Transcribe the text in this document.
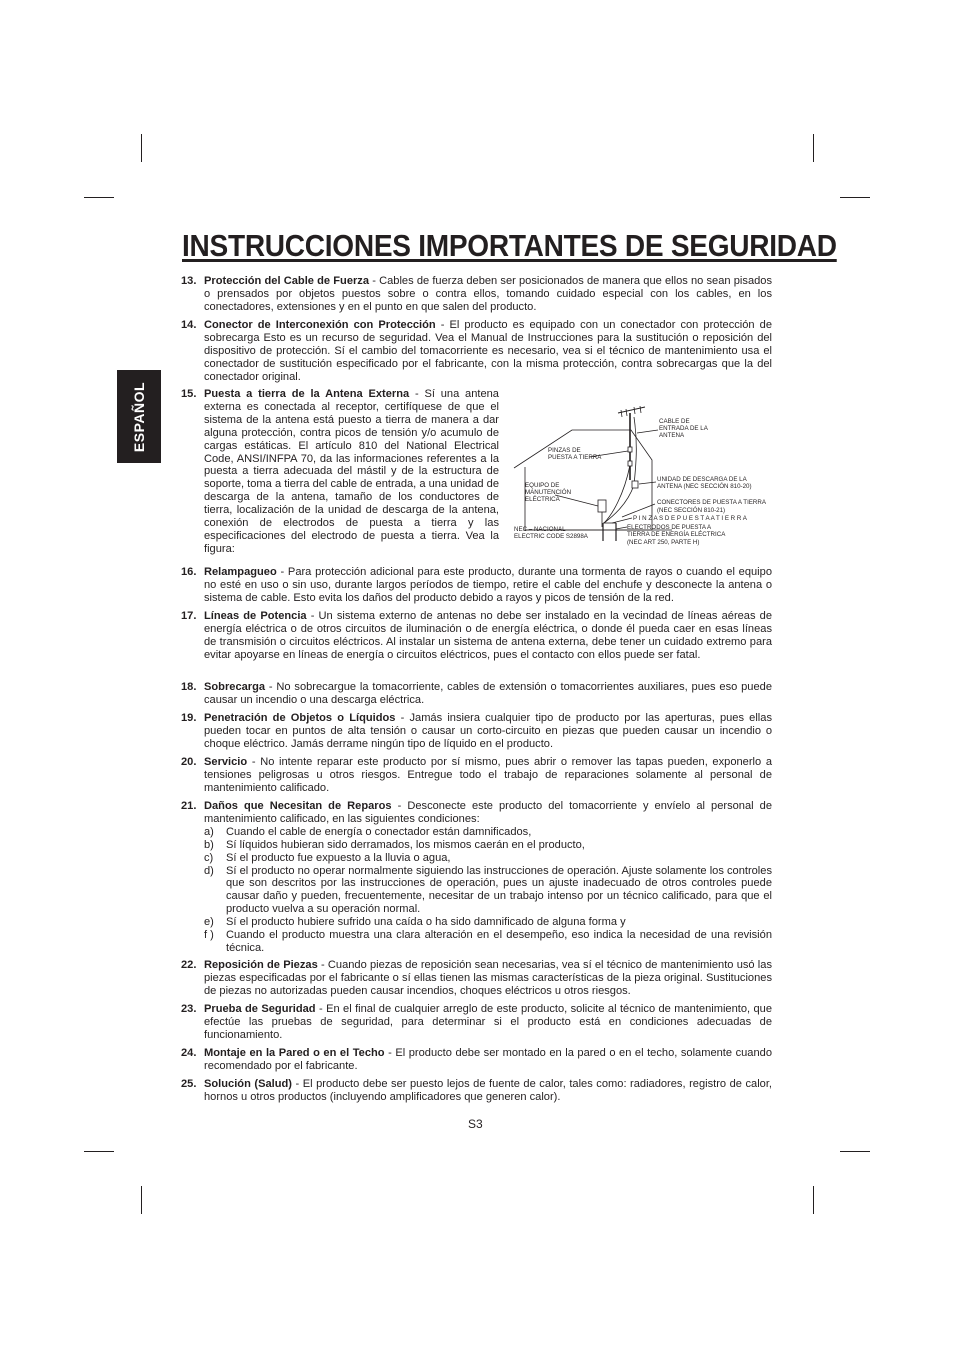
INSTRUCCIONES IMPORTANTES DE SEGURIDAD
ESPAÑOL
13. Protección del Cable de Fuerza - Cables de fuerza deben ser posicionados de manera que ellos no sean pisados o prensados por objetos puestos sobre o contra ellos, tomando cuidado especial con los cables, en los conectadores, extensiones y en el punto en que salen del producto.
14. Conector de Interconexión con Protección - El producto es equipado con un conectador con protección de sobrecarga Esto es un recurso de seguridad. Vea el Manual de Instrucciones para la sustitución o reposición del dispositivo de protección. Sí el cambio del tomacorriente es necesario, vea si el técnico de mantenimiento usa el conectador de sustitución especificado por el fabricante, con la misma protección, contra sobrecargas que la del conectador original.
15. Puesta a tierra de la Antena Externa - Sí una antena externa es conectada al receptor, certifíquese de que el sistema de la antena está puesto a tierra de manera a dar alguna protección, contra picos de tensión y/o acumulo de cargas estáticas. El artículo 810 del National Electrical Code, ANSI/INFPA 70, da las informaciones referentes a la puesta a tierra adecuada del mástil y de la estructura de soporte, toma a tierra del cable de entrada, a una unidad de descarga de la antena, tamaño de los conductores de tierra, localización de la unidad de descarga de la antena, conexión de electrodos de puesta a tierra y las especificaciones del electrodo de puesta a tierra. Vea la figura:
CABLE DE
ENTRADA DE LA
ANTENA
PINZAS DE
PUESTA A TIERRA
UNIDAD DE DESCARGA DE LA
ANTENA (NEC SECCIÓN 810-20)
EQUIPO DE
MANUTENCIÓN
ELÉCTRICA	CONECTORES DE PUESTA A TIERRA
(NEC SECCIÓN 810-21)
P I N Z A S D E P U E S T A A T I E R R A
NEC – NACIONAL
ELECTRIC CODE S2898A
ELECTRODOS DE PUESTA A
TIERRA DE ENERGÍA ELÉCTRICA
(NEC ART 250, PARTE H)
16. Relampagueo - Para protección adicional para este producto, durante una tormenta de rayos o cuando el equipo no esté en uso o sin uso, durante largos períodos de tiempo, retire el cable del enchufe y desconecte la antena o sistema de cable. Esto evita los daños del producto debido a rayos y picos de tensión de la red.
17. Líneas de Potencia - Un sistema externo de antenas no debe ser instalado en la vecindad de líneas aéreas de energía eléctrica o de otros circuitos de iluminación o de energía eléctrica, o donde él pueda caer en esas líneas de transmisión o circuitos eléctricos. Al instalar un sistema de antena externa, debe tener un cuidado extremo para evitar apoyarse en líneas de energía o circuitos eléctricos, pues el contacto con ellos puede ser fatal.
18. Sobrecarga - No sobrecargue la tomacorriente, cables de extensión o tomacorrientes auxiliares, pues eso puede causar un incendio o una descarga eléctrica.
19. Penetración de Objetos o Líquidos - Jamás insiera cualquier tipo de producto por las aperturas, pues ellas pueden tocar en puntos de alta tensión o causar un corto-circuito en piezas que pueden causar un incendio o choque eléctrico. Jamás derrame ningún tipo de líquido en el producto.
20. Servicio - No intente reparar este producto por sí mismo, pues abrir o remover las tapas pueden, exponerlo a tensiones peligrosas u otros riesgos. Entregue todo el trabajo de reparaciones solamente al personal de mantenimiento calificado.
21. Daños que Necesitan de Reparos - Desconecte este producto del tomacorriente y envíelo al personal de mantenimiento calificado, en las siguientes condiciones:
a) Cuando el cable de energía o conectador están damnificados,
b) Sí líquidos hubieran sido derramados, los mismos caerán en el producto,
c) Sí el producto fue expuesto a la lluvia o agua,
d) Sí el producto no operar normalmente siguiendo las instrucciones de operación. Ajuste solamente los controles que son descritos por las instrucciones de operación, pues un ajuste inadecuado de otros controles puede causar daño y pueden, frecuentemente, necesitar de un trabajo intenso por un técnico calificado, para que el producto vuelva a su operación normal.
e) Sí el producto hubiere sufrido una caída o ha sido damnificado de alguna forma y
f ) Cuando el producto muestra una clara alteración en el desempeño, eso indica la necesidad de una revisión técnica.
22. Reposición de Piezas - Cuando piezas de reposición sean necesarias, vea sí el técnico de mantenimiento usó las piezas especificadas por el fabricante o sí ellas tienen las mismas características de la pieza original. Sustituciones de piezas no autorizadas pueden causar incendios, choques eléctricos u otros riesgos.
23. Prueba de Seguridad - En el final de cualquier arreglo de este producto, solicite al técnico de mantenimiento, que efectúe las pruebas de seguridad, para determinar si el producto está en condiciones adecuadas de funcionamiento.
24. Montaje en la Pared o en el Techo - El producto debe ser montado en la pared o en el techo, solamente cuando recomendado por el fabricante.
25. Solución (Salud) - El producto debe ser puesto lejos de fuente de calor, tales como: radiadores, registro de calor, hornos u otros productos (incluyendo amplificadores que generen calor).
S3
